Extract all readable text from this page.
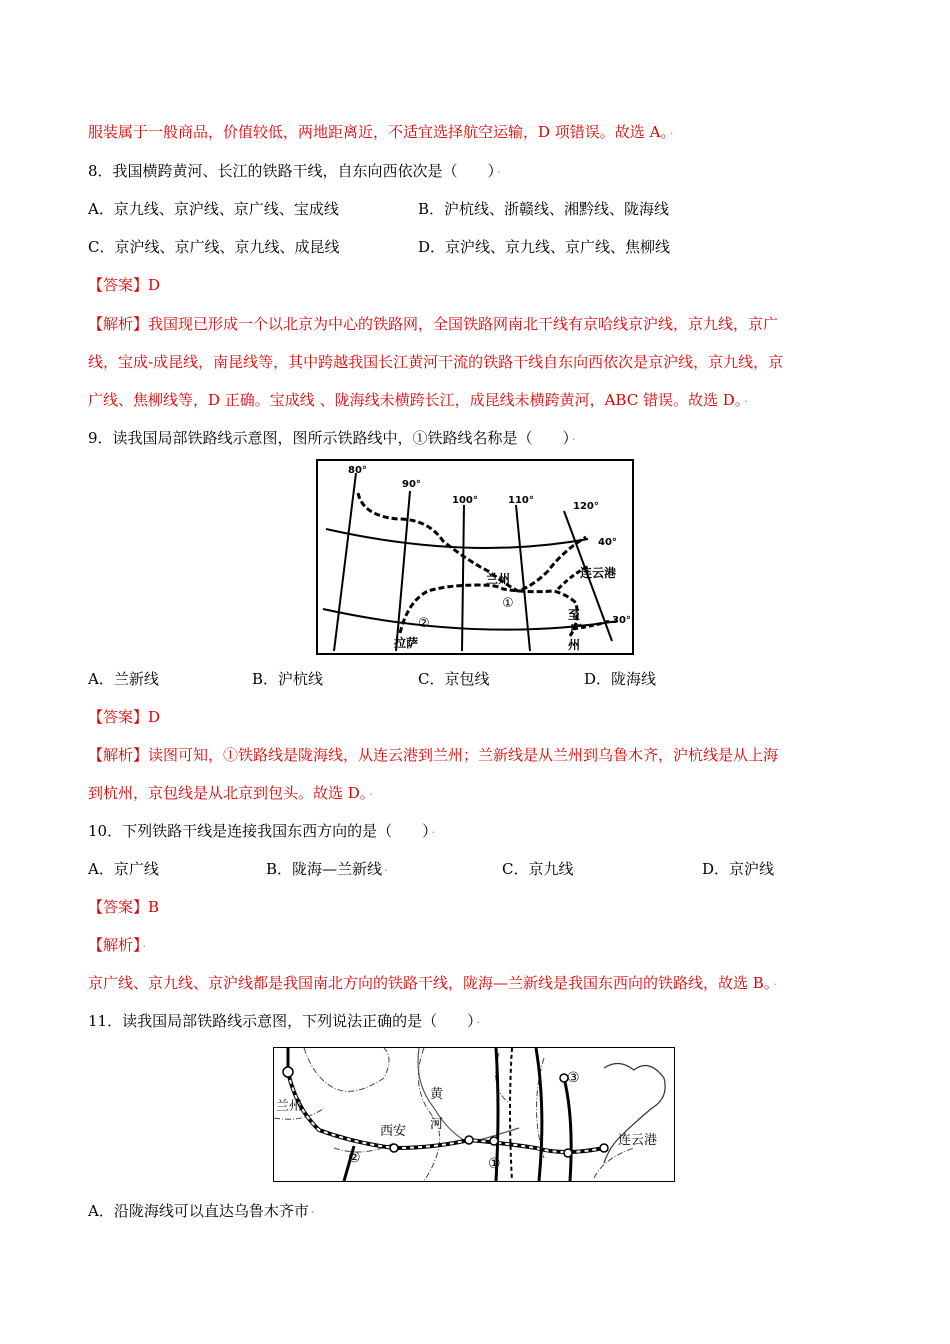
服装属于一般商品，价值较低，两地距离近，不适宜选择航空运输，D 项错误。故选 A。 ·
8．我国横跨黄河、长江的铁路干线，自东向西依次是（　　） ·
A．京九线、京沪线、京广线、宝成线	B．沪杭线、浙赣线、湘黔线、陇海线
C．京沪线、京广线、京九线、成昆线	D．京沪线、京九线、京广线、焦柳线
【答案】D
【解析】我国现已形成一个以北京为中心的铁路网，全国铁路网南北干线有京哈线京沪线，京九线，京广
线，宝成-成昆线，南昆线等，其中跨越我国长江黄河干流的铁路干线自东向西依次是京沪线，京九线，京
广线、焦柳线等，D 正确。宝成线 、陇海线未横跨长江，成昆线未横跨黄河，ABC 错误。故选 D。 ·
9．读我国局部铁路线示意图，图所示铁路线中，①铁路线名称是（　　） ·
80°
90°
100°	110°
120°
40°
30°
兰州	连云港
拉萨
至
广
州
①
②
A．兰新线	B．沪杭线	C．京包线	D．陇海线
【答案】D
【解析】读图可知，①铁路线是陇海线，从连云港到兰州；兰新线是从兰州到乌鲁木齐，沪杭线是从上海
到杭州，京包线是从北京到包头。故选 D。 ·
10．下列铁路干线是连接我国东西方向的是（　　） ·
A．京广线	B．陇海—兰新线 ·	C．京九线	D．京沪线
【答案】B
【解析】 ·
京广线、京九线、京沪线都是我国南北方向的铁路干线，陇海—兰新线是我国东西向的铁路线，故选 B。 ·
11．读我国局部铁路线示意图，下列说法正确的是（　　） ·
兰州
西安
黄
河
连云港
①
②
③
A．沿陇海线可以直达乌鲁木齐市 ·
